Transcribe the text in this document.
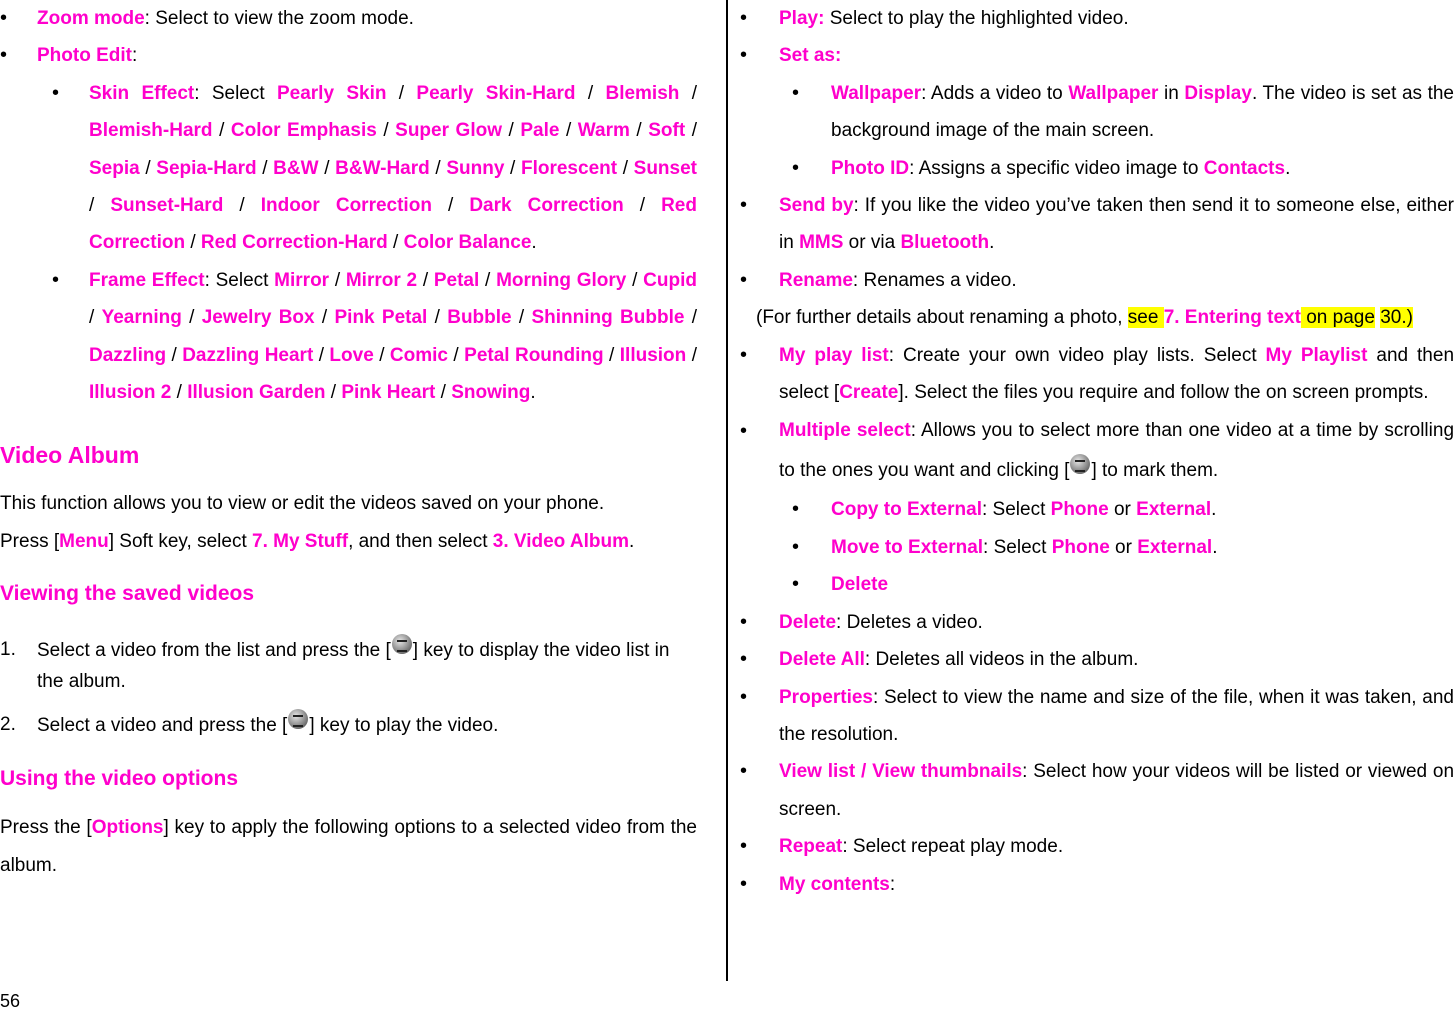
• Zoom mode: Select to view the zoom mode.
• Photo Edit:
• Skin Effect: Select Pearly Skin / Pearly Skin-Hard / Blemish / Blemish-Hard / Color Emphasis / Super Glow / Pale / Warm / Soft / Sepia / Sepia-Hard / B&W / B&W-Hard / Sunny / Florescent / Sunset / Sunset-Hard / Indoor Correction / Dark Correction / Red Correction / Red Correction-Hard / Color Balance.
• Frame Effect: Select Mirror / Mirror 2 / Petal / Morning Glory / Cupid / Yearning / Jewelry Box / Pink Petal / Bubble / Shinning Bubble / Dazzling / Dazzling Heart / Love / Comic / Petal Rounding / Illusion / Illusion 2 / Illusion Garden / Pink Heart / Snowing.
Video Album
This function allows you to view or edit the videos saved on your phone.
Press [Menu] Soft key, select 7. My Stuff, and then select 3. Video Album.
Viewing the saved videos
1. Select a video from the list and press the [ ] key to display the video list in the album.
2. Select a video and press the [ ] key to play the video.
Using the video options
Press the [Options] key to apply the following options to a selected video from the album.
56
• Play: Select to play the highlighted video.
• Set as:
• Wallpaper: Adds a video to Wallpaper in Display. The video is set as the background image of the main screen.
• Photo ID: Assigns a specific video image to Contacts.
• Send by: If you like the video you’ve taken then send it to someone else, either in MMS or via Bluetooth.
• Rename: Renames a video.
(For further details about renaming a photo, see 7. Entering text on page 30.)
• My play list: Create your own video play lists. Select My Playlist and then select [Create]. Select the files you require and follow the on screen prompts.
• Multiple select: Allows you to select more than one video at a time by scrolling to the ones you want and clicking [ ] to mark them.
• Copy to External: Select Phone or External.
• Move to External: Select Phone or External.
• Delete
• Delete: Deletes a video.
• Delete All: Deletes all videos in the album.
• Properties: Select to view the name and size of the file, when it was taken, and the resolution.
• View list / View thumbnails: Select how your videos will be listed or viewed on screen.
• Repeat: Select repeat play mode.
• My contents:
